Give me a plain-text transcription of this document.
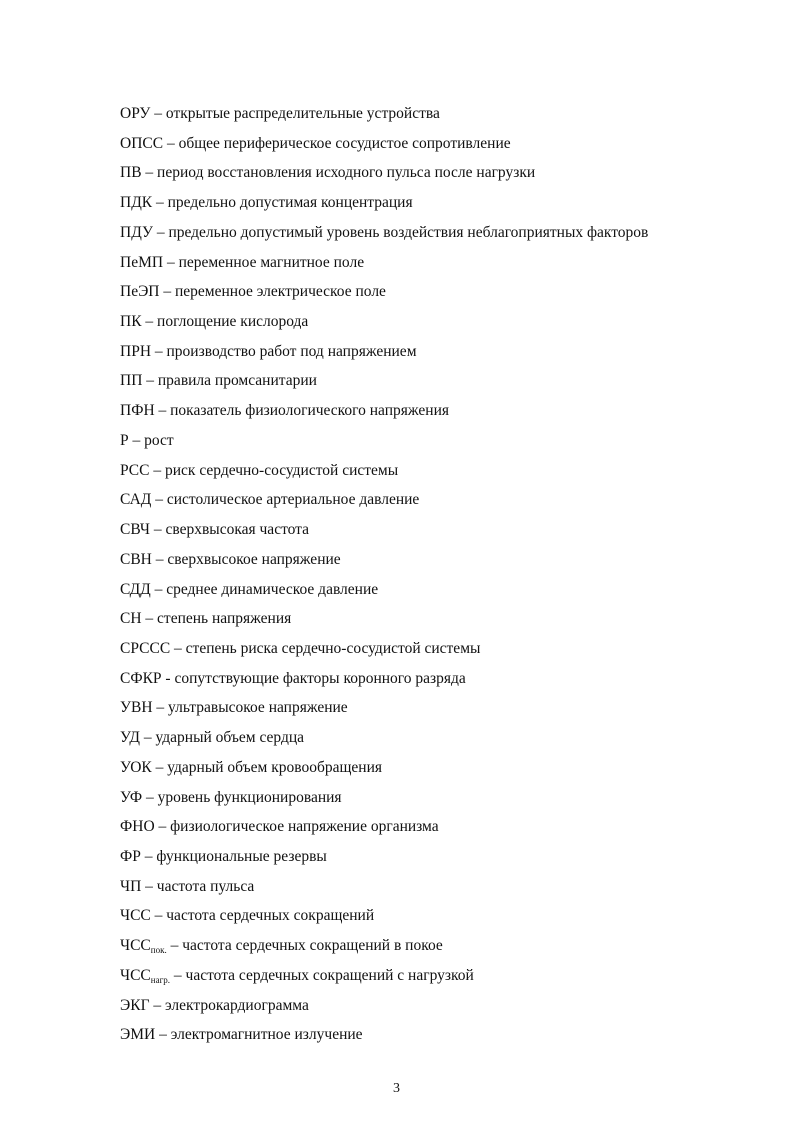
ОРУ – открытые распределительные устройства
ОПСС – общее периферическое сосудистое сопротивление
ПВ – период восстановления исходного пульса после нагрузки
ПДК – предельно допустимая концентрация
ПДУ – предельно допустимый уровень воздействия неблагоприятных факторов
ПеМП – переменное магнитное поле
ПеЭП – переменное электрическое поле
ПК – поглощение кислорода
ПРН – производство работ под напряжением
ПП – правила промсанитарии
ПФН – показатель физиологического напряжения
Р – рост
РСС – риск сердечно-сосудистой системы
САД – систолическое артериальное давление
СВЧ – сверхвысокая частота
СВН – сверхвысокое напряжение
СДД – среднее динамическое давление
СН – степень напряжения
СРССС – степень риска сердечно-сосудистой системы
СФКР - сопутствующие факторы коронного разряда
УВН – ультравысокое напряжение
УД – ударный объем сердца
УОК – ударный объем кровообращения
УФ – уровень функционирования
ФНО – физиологическое напряжение организма
ФР – функциональные резервы
ЧП – частота пульса
ЧСС – частота сердечных сокращений
$ЧСС_{пок.}$ – частота сердечных сокращений в покое
$ЧСС_{нагр.}$ – частота сердечных сокращений с нагрузкой
ЭКГ – электрокардиограмма
ЭМИ – электромагнитное излучение
3
